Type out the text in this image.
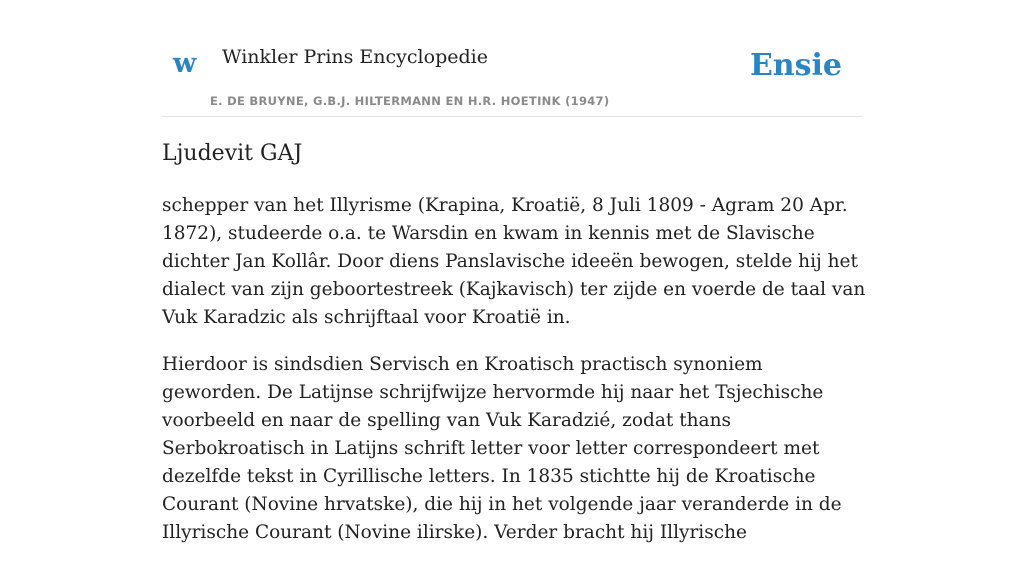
w Winkler Prins Encyclopedie
E. DE BRUYNE, G.B.J. HILTERMANN EN H.R. HOETINK (1947)
Ensie
Ljudevit GAJ

schepper van het Illyrisme (Krapina, Kroatië, 8 Juli 1809 - Agram 20 Apr. 1872), studeerde o.a. te Warsdin en kwam in kennis met de Slavische dichter Jan Kollâr. Door diens Panslavische ideeën bewogen, stelde hij het dialect van zijn geboortestreek (Kajkavisch) ter zijde en voerde de taal van Vuk Karadzic als schrijftaal voor Kroatië in.

Hierdoor is sindsdien Servisch en Kroatisch practisch synoniem geworden. De Latijnse schrijfwijze hervormde hij naar het Tsjechische voorbeeld en naar de spelling van Vuk Karadzié, zodat thans Serbokroatisch in Latijns schrift letter voor letter correspondeert met dezelfde tekst in Cyrillische letters. In 1835 stichtte hij de Kroatische Courant (Novine hrvatske), die hij in het volgende jaar veranderde in de Illyrische Courant (Novine ilirske). Verder bracht hij Illyrische
